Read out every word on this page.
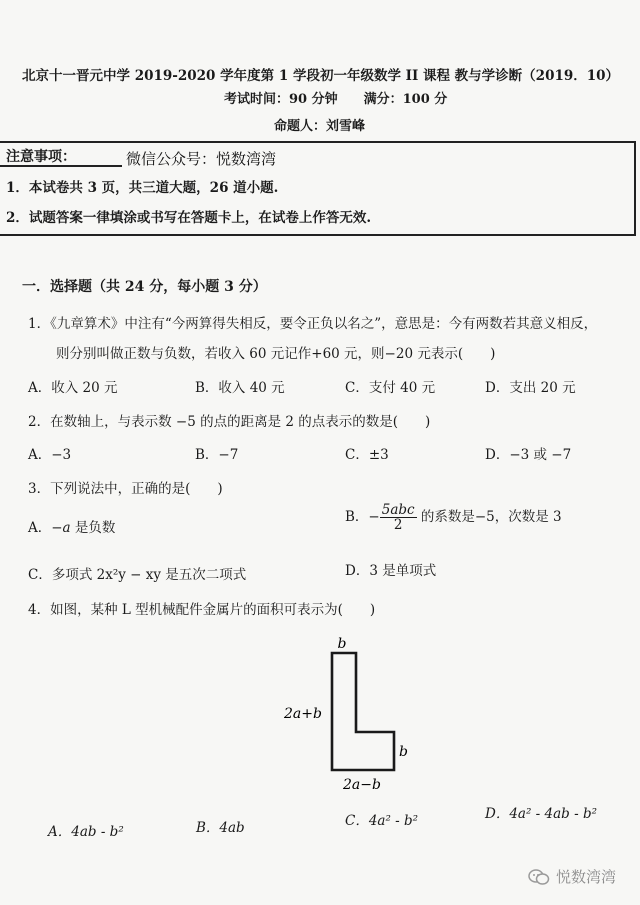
北京十一晋元中学 2019-2020 学年度第 1 学段初一年级数学 II 课程 教与学诊断（2019．10）
考试时间：90 分钟　　满分：100 分
命题人：刘雪峰
注意事项：	微信公众号：悦数湾湾
1．本试卷共 3 页，共三道大题，26 道小题.
2．试题答案一律填涂或书写在答题卡上，在试卷上作答无效.
一．选择题（共 24 分，每小题 3 分）
1．《九章算术》中注有“今两算得失相反，要令正负以名之”，意思是：今有两数若其意义相反，
则分别叫做正数与负数，若收入 60 元记作+60 元，则−20 元表示(　　)
A．收入 20 元	B．收入 40 元	C．支付 40 元	D．支出 20 元
2．在数轴上，与表示数 −5 的点的距离是 2 的点表示的数是(　　)
A．−3	B．−7	C．±3	D．−3 或 −7
3．下列说法中，正确的是(　　)
A．−a 是负数
B．− $\frac{\text{5abc}}{2}$ 的系数是−5，次数是 3
C．多项式 2x²y − xy 是五次二项式	D．3 是单项式
4．如图，某种 L 型机械配件金属片的面积可表示为(　　)
b
2a+b
b
2a−b
A．4ab - b²	B．4ab	C．4a² - b²	D．4a² - 4ab - b²
悦数湾湾
